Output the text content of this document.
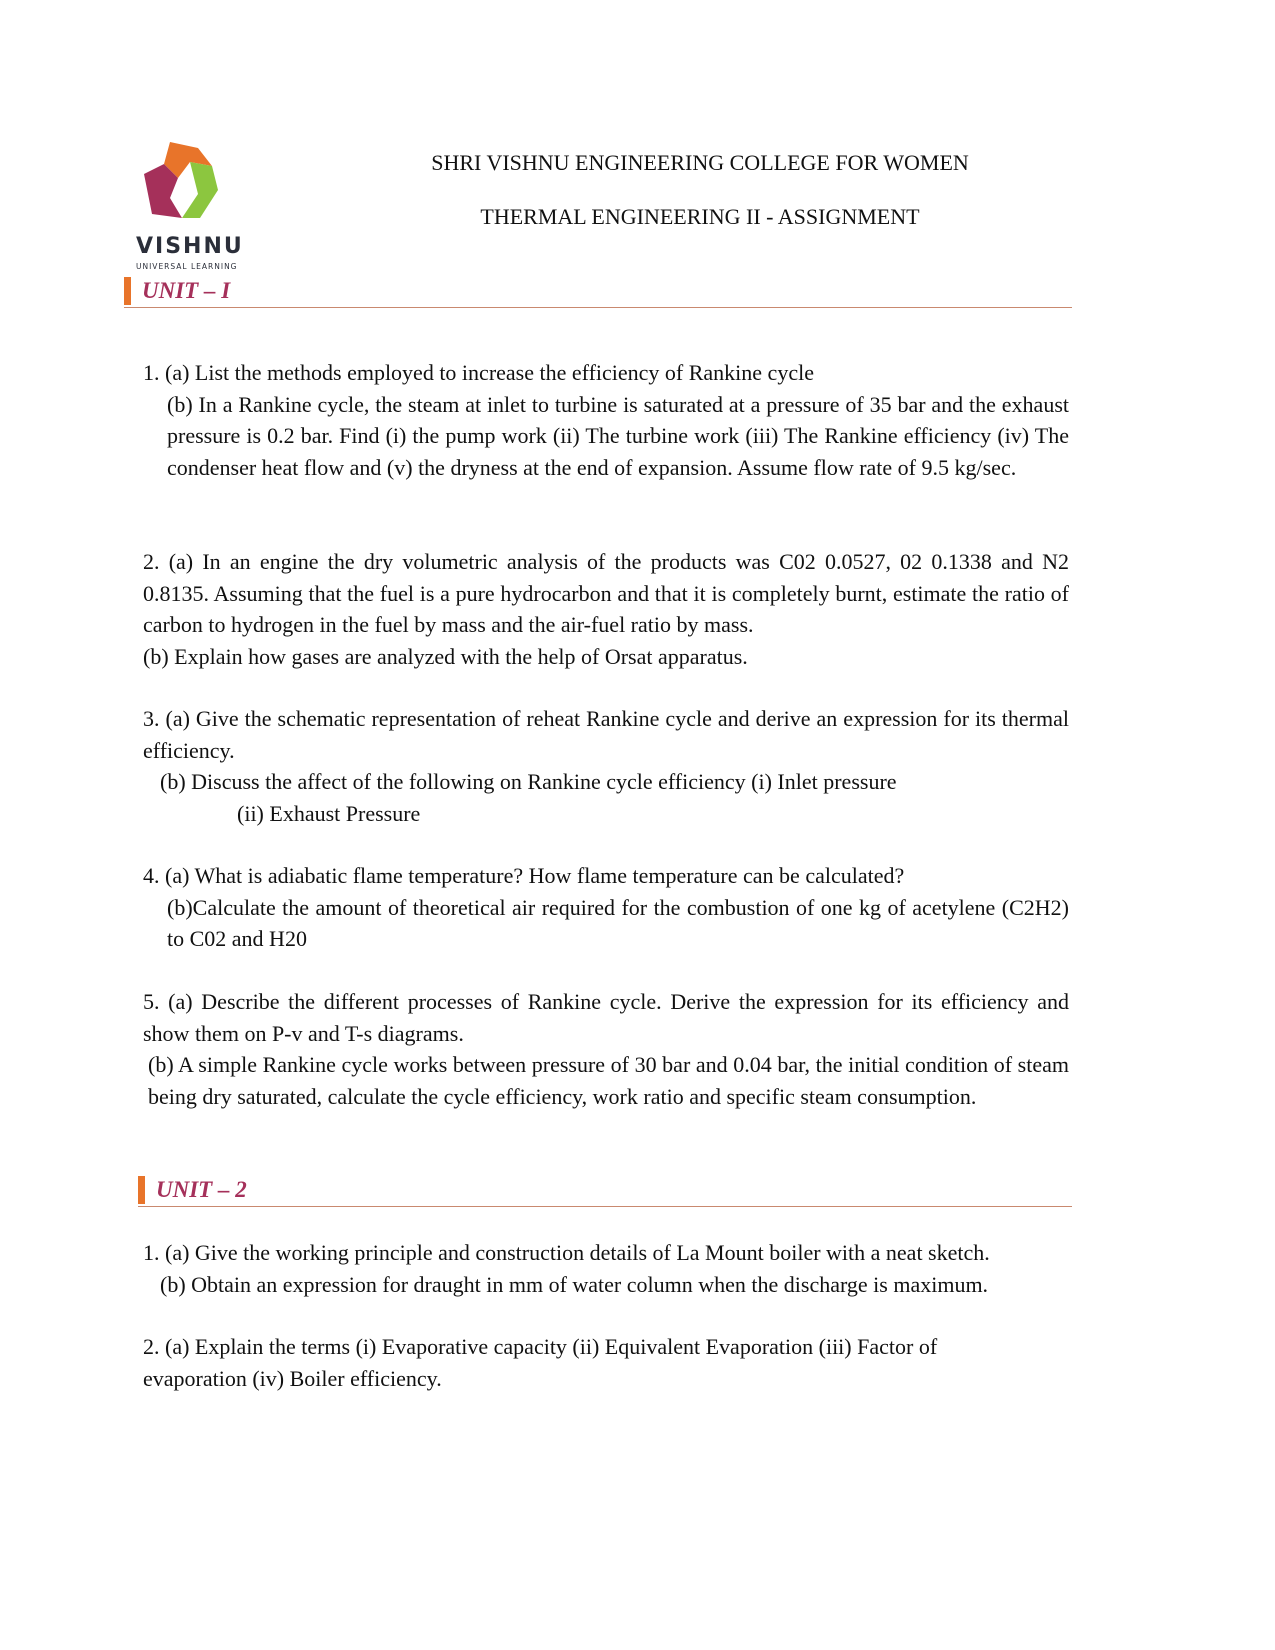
VISHNU
UNIVERSAL LEARNING
SHRI VISHNU ENGINEERING COLLEGE FOR WOMEN
THERMAL ENGINEERING II - ASSIGNMENT
UNIT – I

1. (a) List the methods employed to increase the efficiency of Rankine cycle

(b) In a Rankine cycle, the steam at inlet to turbine is saturated at a pressure of 35 bar and the exhaust pressure is 0.2 bar. Find (i) the pump work (ii) The turbine work (iii) The Rankine efficiency (iv) The condenser heat flow and (v) the dryness at the end of expansion. Assume flow rate of 9.5 kg/sec.

2. (a) In an engine the dry volumetric analysis of the products was C02 0.0527, 02 0.1338 and N2 0.8135. Assuming that the fuel is a pure hydrocarbon and that it is completely burnt, estimate the ratio of carbon to hydrogen in the fuel by mass and the air-fuel ratio by mass.

(b) Explain how gases are analyzed with the help of Orsat apparatus.

3. (a) Give the schematic representation of reheat Rankine cycle and derive an expression for its thermal efficiency.

(b) Discuss the affect of the following on Rankine cycle efficiency (i) Inlet pressure

(ii) Exhaust Pressure

4. (a) What is adiabatic flame temperature? How flame temperature can be calculated?

(b)Calculate the amount of theoretical air required for the combustion of one kg of acetylene (C2H2) to C02 and H20

5. (a) Describe the different processes of Rankine cycle. Derive the expression for its efficiency and show them on P-v and T-s diagrams.

(b) A simple Rankine cycle works between pressure of 30 bar and 0.04 bar, the initial condition of steam being dry saturated, calculate the cycle efficiency, work ratio and specific steam consumption.

UNIT – 2

1. (a) Give the working principle and construction details of La Mount boiler with a neat sketch.

(b) Obtain an expression for draught in mm of water column when the discharge is maximum.

2. (a) Explain the terms (i) Evaporative capacity (ii) Equivalent Evaporation (iii) Factor of evaporation (iv) Boiler efficiency.
